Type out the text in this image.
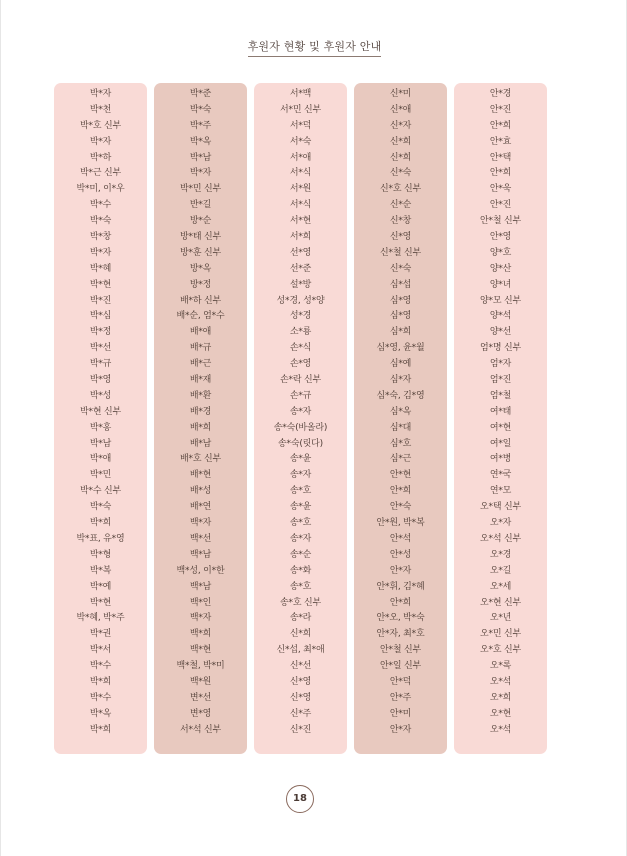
후원자 현황 및 후원자 안내
박*자
박*천
박*호 신부
박*자
박*하
박*근 신부
박*미, 이*우
박*수
박*숙
박*창
박*자
박*혜
박*현
박*진
박*심
박*정
박*선
박*규
박*영
박*성
박*현 신부
박*홍
박*남
박*애
박*민
박*수 신부
박*숙
박*희
박*표, 유*영
박*형
박*복
박*예
박*현
박*혜, 박*주
박*권
박*서
박*수
박*희
박*수
박*옥
박*희
박*준
박*숙
박*주
박*옥
박*남
박*자
박*민 신부
반*길
방*순
방*태 신부
방*훈 신부
방*옥
방*정
배*하 신부
배*순, 엄*수
배*애
배*규
배*근
배*재
배*환
배*경
배*희
배*남
배*호 신부
배*현
배*성
배*연
백*자
백*선
백*남
백*성, 이*한
백*남
백*인
백*자
백*희
백*현
백*철, 박*미
백*원
변*선
변*영
서*석 신부
서*백
서*민 신부
서*덕
서*숙
서*애
서*식
서*원
서*식
서*현
서*희
선*영
선*준
설*방
성*경, 성*양
성*경
소*룡
손*식
손*영
손*락 신부
손*규
송*자
송*숙(바올라)
송*숙(릿다)
송*윤
송*자
송*호
송*윤
송*호
송*자
송*순
송*화
송*호
송*호 신부
송*라
신*희
신*섭, 최*애
신*선
신*영
신*영
신*주
신*진
신*미
신*애
신*자
신*희
신*희
신*숙
신*호 신부
신*순
신*창
신*영
신*철 신부
신*숙
심*섭
심*영
심*영
심*희
심*영, 윤*월
심*예
심*자
심*숙, 김*영
심*옥
심*대
심*호
심*근
안*현
안*희
안*숙
안*원, 박*복
안*석
안*성
안*자
안*휘, 김*혜
안*희
안*오, 박*숙
안*자, 최*호
안*철 신부
안*일 신부
안*덕
안*주
안*미
안*자
안*경
안*진
안*희
안*효
안*택
안*희
안*욱
안*진
안*철 신부
안*영
양*호
양*산
양*녀
양*모 신부
양*석
양*선
엄*명 신부
엄*자
엄*진
엄*철
여*태
여*현
여*일
여*병
연*국
연*모
오*택 신부
오*자
오*석 신부
오*경
오*길
오*세
오*현 신부
오*년
오*민 신부
오*호 신부
오*록
오*석
오*희
오*현
오*석
18
